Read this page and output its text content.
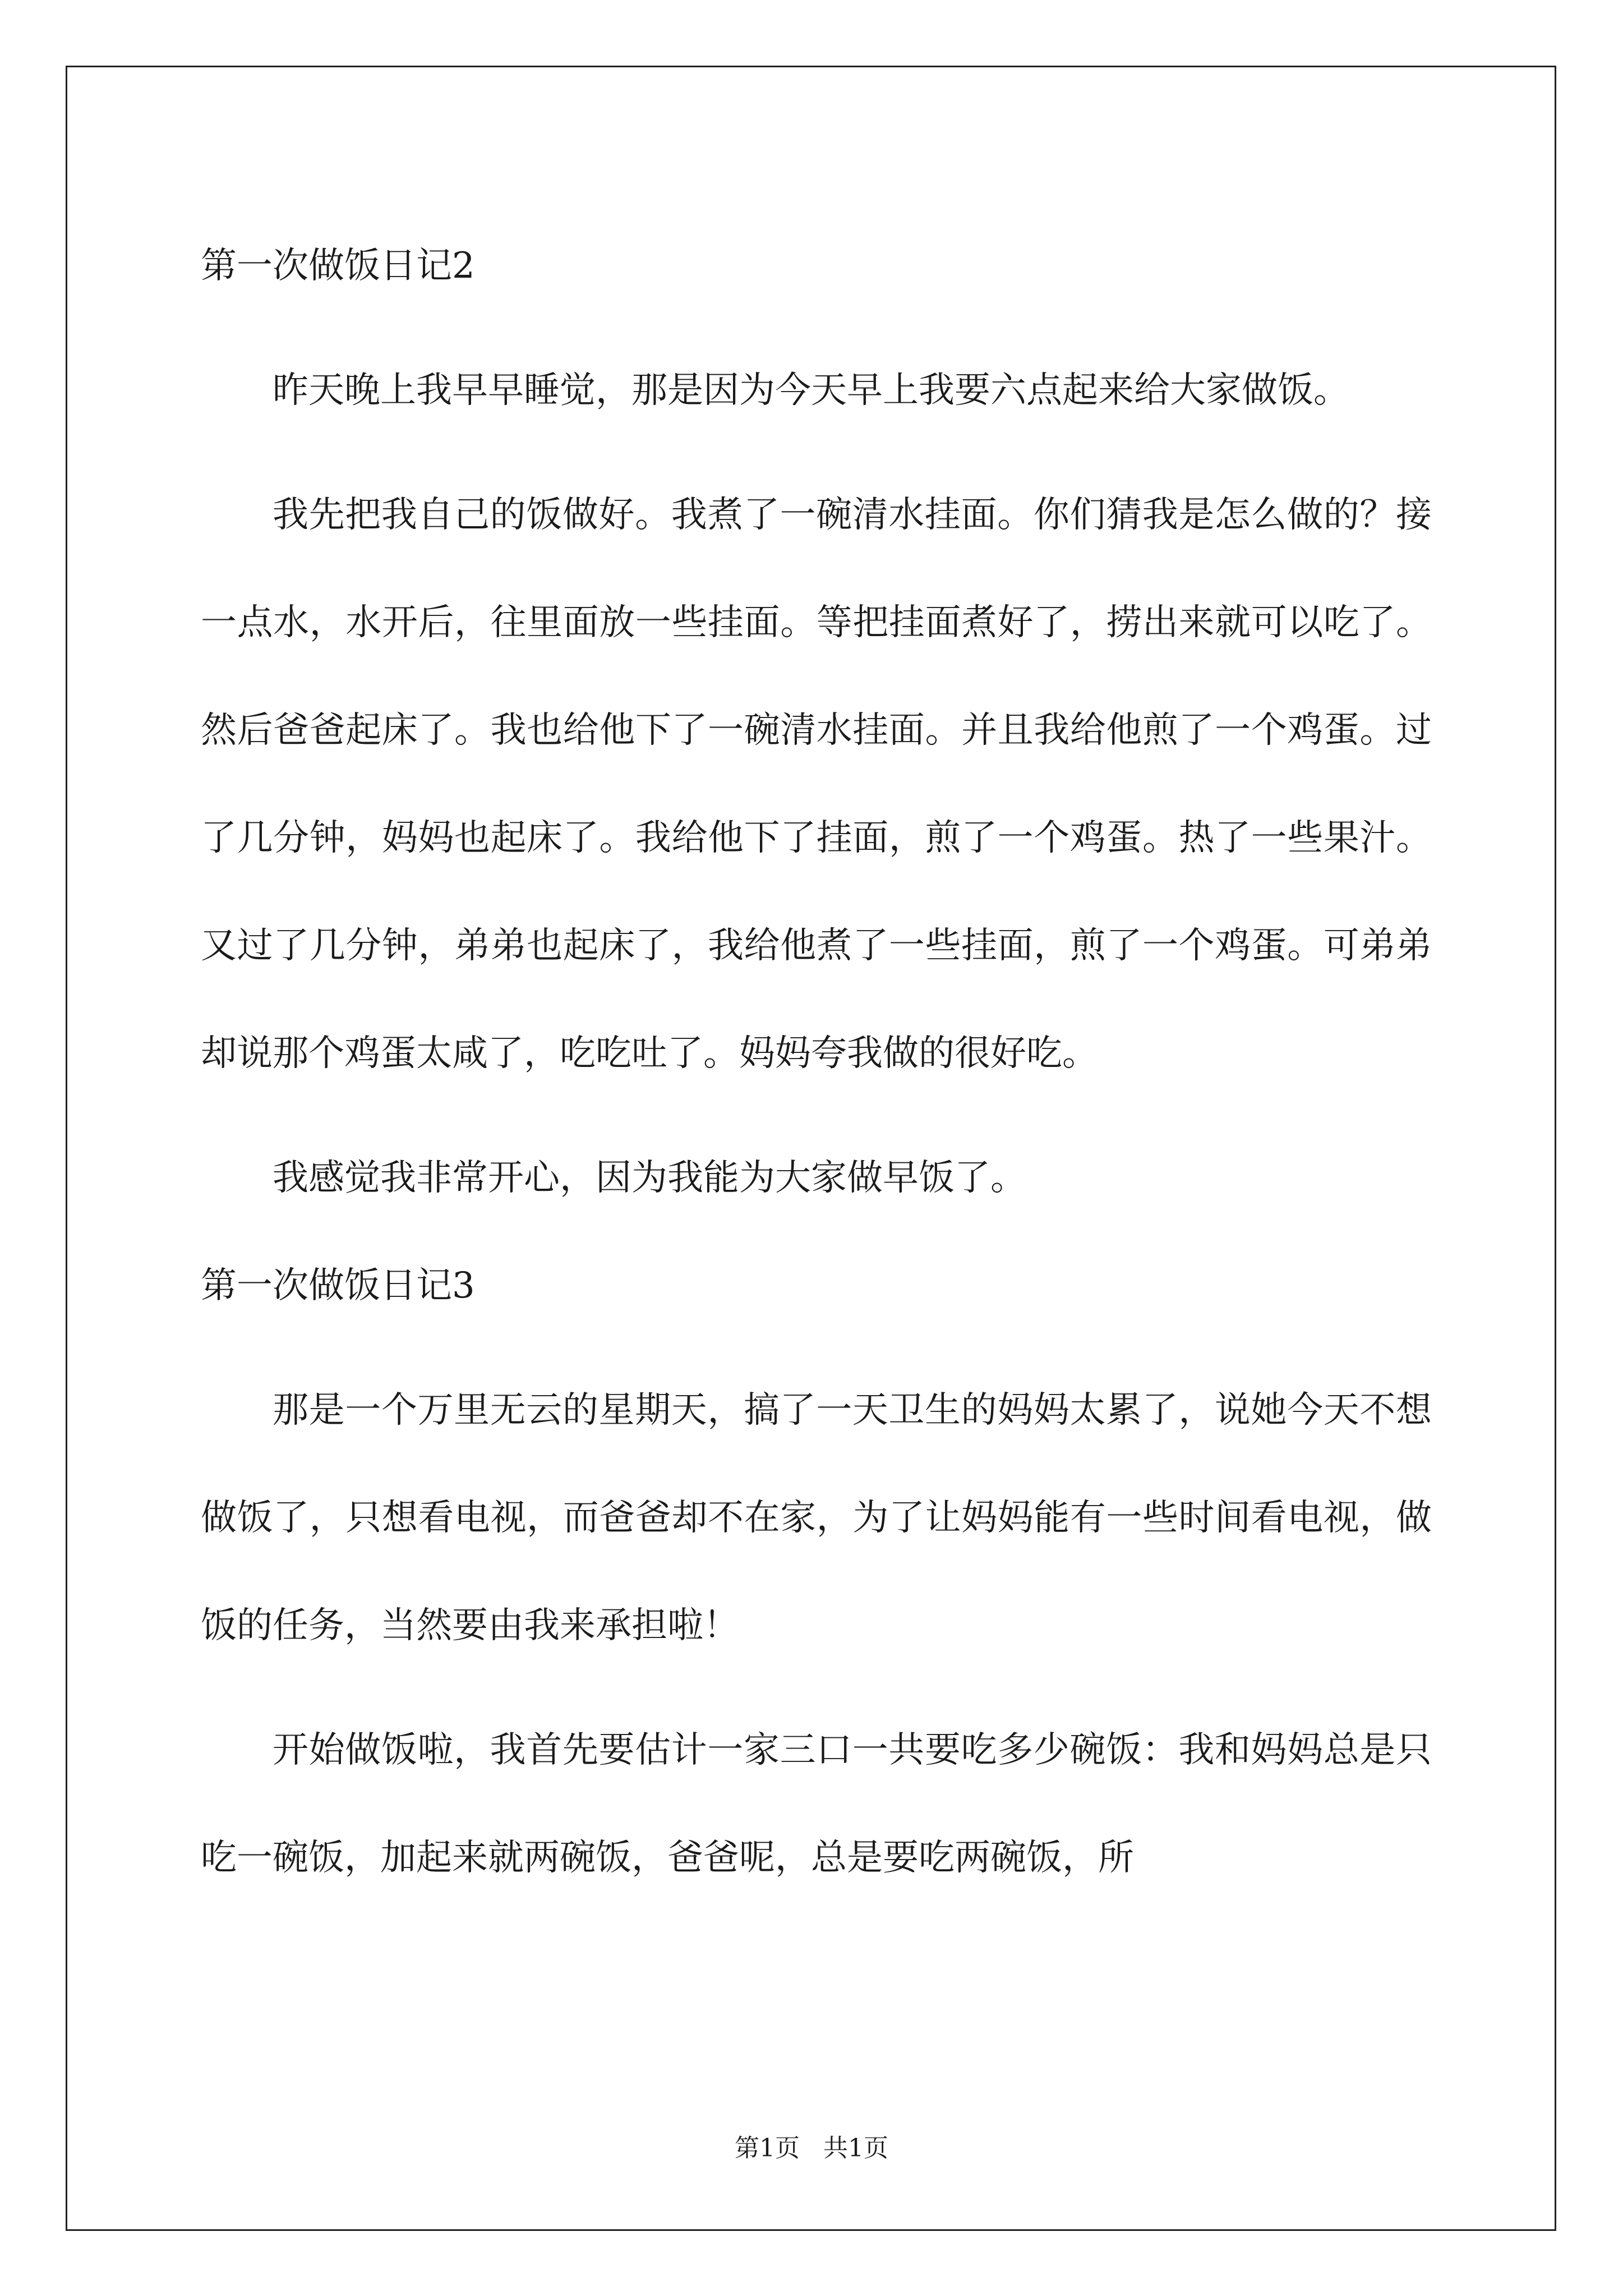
第一次做饭日记2

昨天晚上我早早睡觉，那是因为今天早上我要六点起来给大家做饭。

我先把我自己的饭做好。我煮了一碗清水挂面。你们猜我是怎么做的？接一点水，水开后，往里面放一些挂面。等把挂面煮好了，捞出来就可以吃了。然后爸爸起床了。我也给他下了一碗清水挂面。并且我给他煎了一个鸡蛋。过了几分钟，妈妈也起床了。我给他下了挂面，煎了一个鸡蛋。热了一些果汁。又过了几分钟，弟弟也起床了，我给他煮了一些挂面，煎了一个鸡蛋。可弟弟却说那个鸡蛋太咸了，吃吃吐了。妈妈夸我做的很好吃。

我感觉我非常开心，因为我能为大家做早饭了。

第一次做饭日记3

那是一个万里无云的星期天，搞了一天卫生的妈妈太累了，说她今天不想做饭了，只想看电视，而爸爸却不在家，为了让妈妈能有一些时间看电视，做饭的任务，当然要由我来承担啦！

开始做饭啦，我首先要估计一家三口一共要吃多少碗饭：我和妈妈总是只吃一碗饭，加起来就两碗饭，爸爸呢，总是要吃两碗饭，所

第1页   共1页
